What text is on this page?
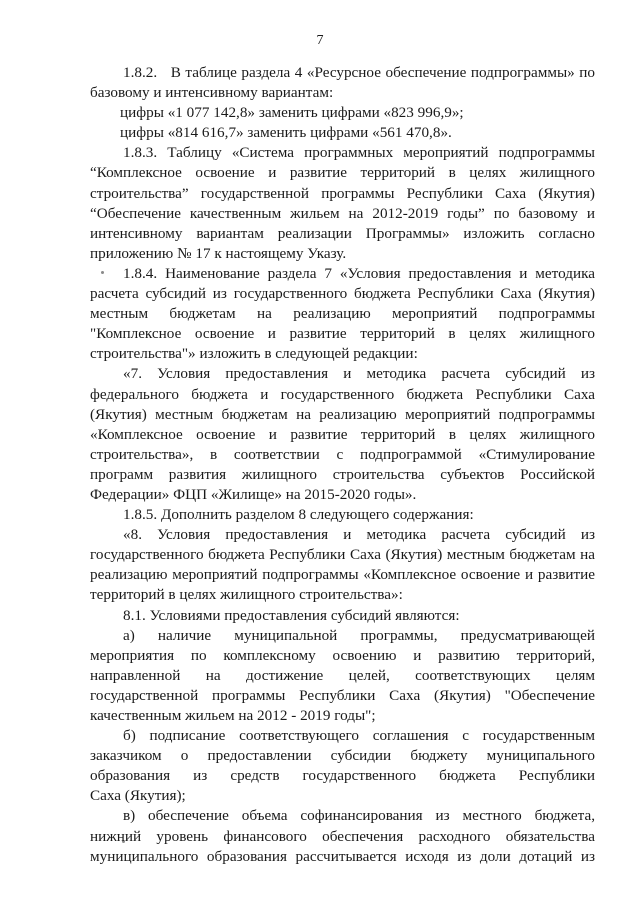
7

1.8.2.   В таблице раздела 4 «Ресурсное обеспечение подпрограммы» по

базовому и интенсивному вариантам:

цифры «1 077 142,8» заменить цифрами «823 996,9»;

цифры «814 616,7» заменить цифрами «561 470,8».

1.8.3. Таблицу «Система программных мероприятий подпрограммы

“Комплексное освоение и развитие территорий в целях жилищного

строительства” государственной программы Республики Саха (Якутия)

“Обеспечение качественным жильем на 2012-2019 годы” по базовому и

интенсивному вариантам реализации Программы» изложить согласно

приложению № 17 к настоящему Указу.

1.8.4. Наименование раздела 7 «Условия предоставления и методика

расчета субсидий из государственного бюджета Республики Саха (Якутия)

местным бюджетам на реализацию мероприятий подпрограммы

"Комплексное освоение и развитие территорий в целях жилищного

строительства"» изложить в следующей редакции:

«7. Условия предоставления и методика расчета субсидий из

федерального бюджета и государственного бюджета Республики Саха

(Якутия) местным бюджетам на реализацию мероприятий подпрограммы

«Комплексное освоение и развитие территорий в целях жилищного

строительства», в соответствии с подпрограммой «Стимулирование

программ развития жилищного строительства субъектов Российской

Федерации» ФЦП «Жилище» на 2015-2020 годы».

1.8.5. Дополнить разделом 8 следующего содержания:

«8. Условия предоставления и методика расчета субсидий из

государственного бюджета Республики Саха (Якутия) местным бюджетам на

реализацию мероприятий подпрограммы «Комплексное освоение и развитие

территорий в целях жилищного строительства»:

8.1. Условиями предоставления субсидий являются:

а) наличие муниципальной программы, предусматривающей

мероприятия по комплексному освоению и развитию территорий,

направленной на достижение целей, соответствующих целям

государственной программы Республики Саха (Якутия) "Обеспечение

качественным жильем на 2012 - 2019 годы";

б) подписание соответствующего соглашения с государственным

заказчиком о предоставлении субсидии бюджету муниципального

образования из средств государственного бюджета Республики

Саха (Якутия);

в) обеспечение объема софинансирования из местного бюджета,

нижний уровень финансового обеспечения расходного обязательства

муниципального образования рассчитывается исходя из доли дотаций из
